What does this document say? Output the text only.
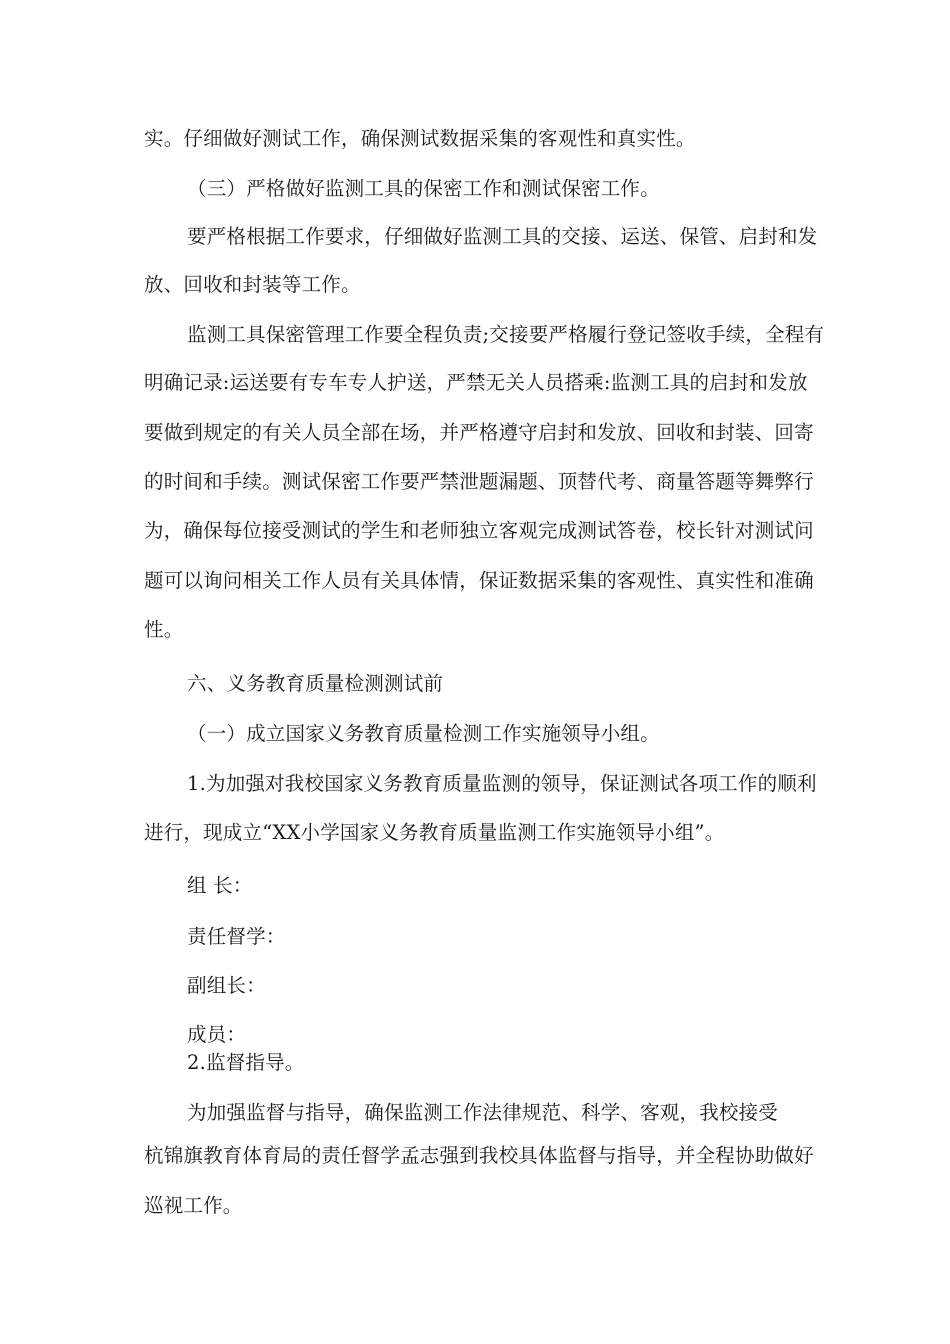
实。仔细做好测试工作，确保测试数据采集的客观性和真实性。
（三）严格做好监测工具的保密工作和测试保密工作。
要严格根据工作要求，仔细做好监测工具的交接、运送、保管、启封和发
放、回收和封装等工作。
监测工具保密管理工作要全程负责;交接要严格履行登记签收手续，全程有
明确记录:运送要有专车专人护送，严禁无关人员搭乘:监测工具的启封和发放
要做到规定的有关人员全部在场，并严格遵守启封和发放、回收和封装、回寄
的时间和手续。测试保密工作要严禁泄题漏题、顶替代考、商量答题等舞弊行
为，确保每位接受测试的学生和老师独立客观完成测试答卷，校长针对测试问
题可以询问相关工作人员有关具体情，保证数据采集的客观性、真实性和准确
性。
六、义务教育质量检测测试前
（一）成立国家义务教育质量检测工作实施领导小组。
1.为加强对我校国家义务教育质量监测的领导，保证测试各项工作的顺利
进行，现成立“XX小学国家义务教育质量监测工作实施领导小组”。
组 长：
责任督学：
副组长：
成员：
2.监督指导。
为加强监督与指导，确保监测工作法律规范、科学、客观，我校接受
杭锦旗教育体育局的责任督学孟志强到我校具体监督与指导，并全程协助做好
巡视工作。
